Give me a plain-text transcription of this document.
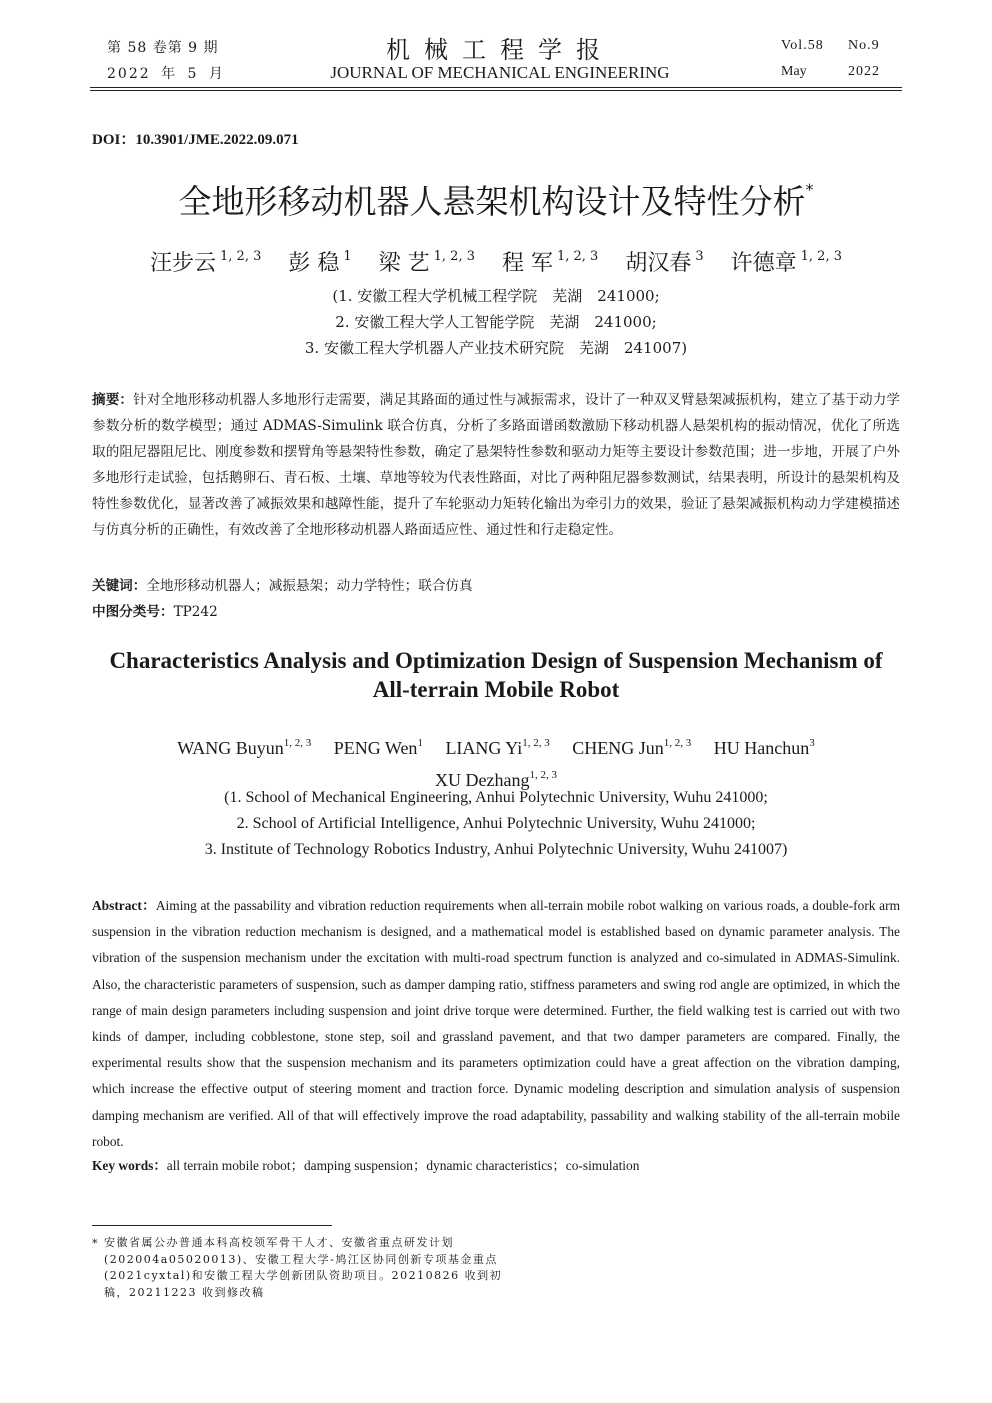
第 58 卷第 9 期
2022 年 5 月
机械工程学报
JOURNAL OF MECHANICAL ENGINEERING
Vol.58 No.9
May	2022
DOI：10.3901/JME.2022.09.071
全地形移动机器人悬架机构设计及特性分析*
汪步云 $^{1, 2, 3}$ 彭 稳 $^1$ 梁 艺 $^{1, 2, 3}$ 程 军 $^{1, 2, 3}$ 胡汉春 $^3$ 许德章 $^{1, 2, 3}$
(1. 安徽工程大学机械工程学院　芜湖　241000;
2. 安徽工程大学人工智能学院　芜湖　241000;
3. 安徽工程大学机器人产业技术研究院　芜湖　241007)
摘要：针对全地形移动机器人多地形行走需要，满足其路面的通过性与减振需求，设计了一种双叉臂悬架减振机构，建立了基于动力学参数分析的数学模型；通过 ADMAS-Simulink 联合仿真，分析了多路面谱函数激励下移动机器人悬架机构的振动情况，优化了所选取的阻尼器阻尼比、刚度参数和摆臂角等悬架特性参数，确定了悬架特性参数和驱动力矩等主要设计参数范围；进一步地，开展了户外多地形行走试验，包括鹅卵石、青石板、土壤、草地等较为代表性路面，对比了两种阻尼器参数测试，结果表明，所设计的悬架机构及特性参数优化，显著改善了减振效果和越障性能，提升了车轮驱动力矩转化输出为牵引力的效果，验证了悬架减振机构动力学建模描述与仿真分析的正确性，有效改善了全地形移动机器人路面适应性、通过性和行走稳定性。
关键词：全地形移动机器人；减振悬架；动力学特性；联合仿真
中图分类号：TP242
Characteristics Analysis and Optimization Design of Suspension Mechanism of All-terrain Mobile Robot
WANG Buyun$^{1, 2, 3}$ PENG Wen$^1$ LIANG Yi$^{1, 2, 3}$ CHENG Jun$^{1, 2, 3}$ HU Hanchun$^3$
XU Dezhang$^{1, 2, 3}$
(1. School of Mechanical Engineering, Anhui Polytechnic University, Wuhu 241000;
2. School of Artificial Intelligence, Anhui Polytechnic University, Wuhu 241000;
3. Institute of Technology Robotics Industry, Anhui Polytechnic University, Wuhu 241007)
Abstract：Aiming at the passability and vibration reduction requirements when all-terrain mobile robot walking on various roads, a double-fork arm suspension in the vibration reduction mechanism is designed, and a mathematical model is established based on dynamic parameter analysis. The vibration of the suspension mechanism under the excitation with multi-road spectrum function is analyzed and co-simulated in ADMAS-Simulink. Also, the characteristic parameters of suspension, such as damper damping ratio, stiffness parameters and swing rod angle are optimized, in which the range of main design parameters including suspension and joint drive torque were determined. Further, the field walking test is carried out with two kinds of damper, including cobblestone, stone step, soil and grassland pavement, and that two damper parameters are compared. Finally, the experimental results show that the suspension mechanism and its parameters optimization could have a great affection on the vibration damping, which increase the effective output of steering moment and traction force. Dynamic modeling description and simulation analysis of suspension damping mechanism are verified. All of that will effectively improve the road adaptability, passability and walking stability of the all-terrain mobile robot.
Key words：all terrain mobile robot；damping suspension；dynamic characteristics；co-simulation
* 安徽省属公办普通本科高校领军骨干人才、安徽省重点研发计划(202004a05020013)、安徽工程大学-鸠江区协同创新专项基金重点(2021cyxtal)和安徽工程大学创新团队资助项目。20210826 收到初稿，20211223 收到修改稿
